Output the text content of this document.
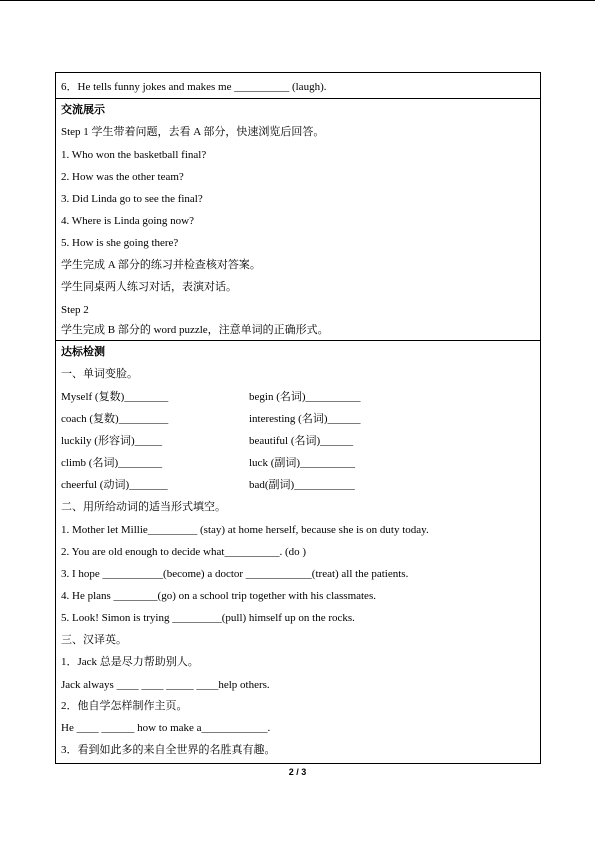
6．He tells funny jokes and makes me __________ (laugh).
交流展示
Step 1 学生带着问题，去看 A 部分，快速浏览后回答。
1. Who won the basketball final?
2. How was the other team?
3. Did Linda go to see the final?
4. Where is Linda going now?
5. How is she going there?
学生完成 A 部分的练习并检查核对答案。
学生同桌两人练习对话，表演对话。
Step 2
学生完成 B 部分的 word puzzle，注意单词的正确形式。
达标检测
一、单词变脸。
Myself (复数)________	begin (名词)__________
coach (复数)_________	interesting (名词)______
luckily (形容词)_____	beautiful (名词)______
climb (名词)________	luck (副词)__________
cheerful (动词)_______	bad(副词)___________
二、用所给动词的适当形式填空。
1. Mother let Millie_________ (stay) at home herself, because she is on duty today.
2. You are old enough to decide what__________. (do )
3. I hope ___________(become) a doctor ____________(treat) all the patients.
4. He plans ________(go) on a school trip together with his classmates.
5. Look! Simon is trying _________(pull) himself up on the rocks.
三、汉译英。
1．Jack 总是尽力帮助别人。
Jack always ____ ____ _____ ____help others.
2．他自学怎样制作主页。
He ____ ______ how to make a____________.
3．看到如此多的来自全世界的名胜真有趣。
2 / 3
